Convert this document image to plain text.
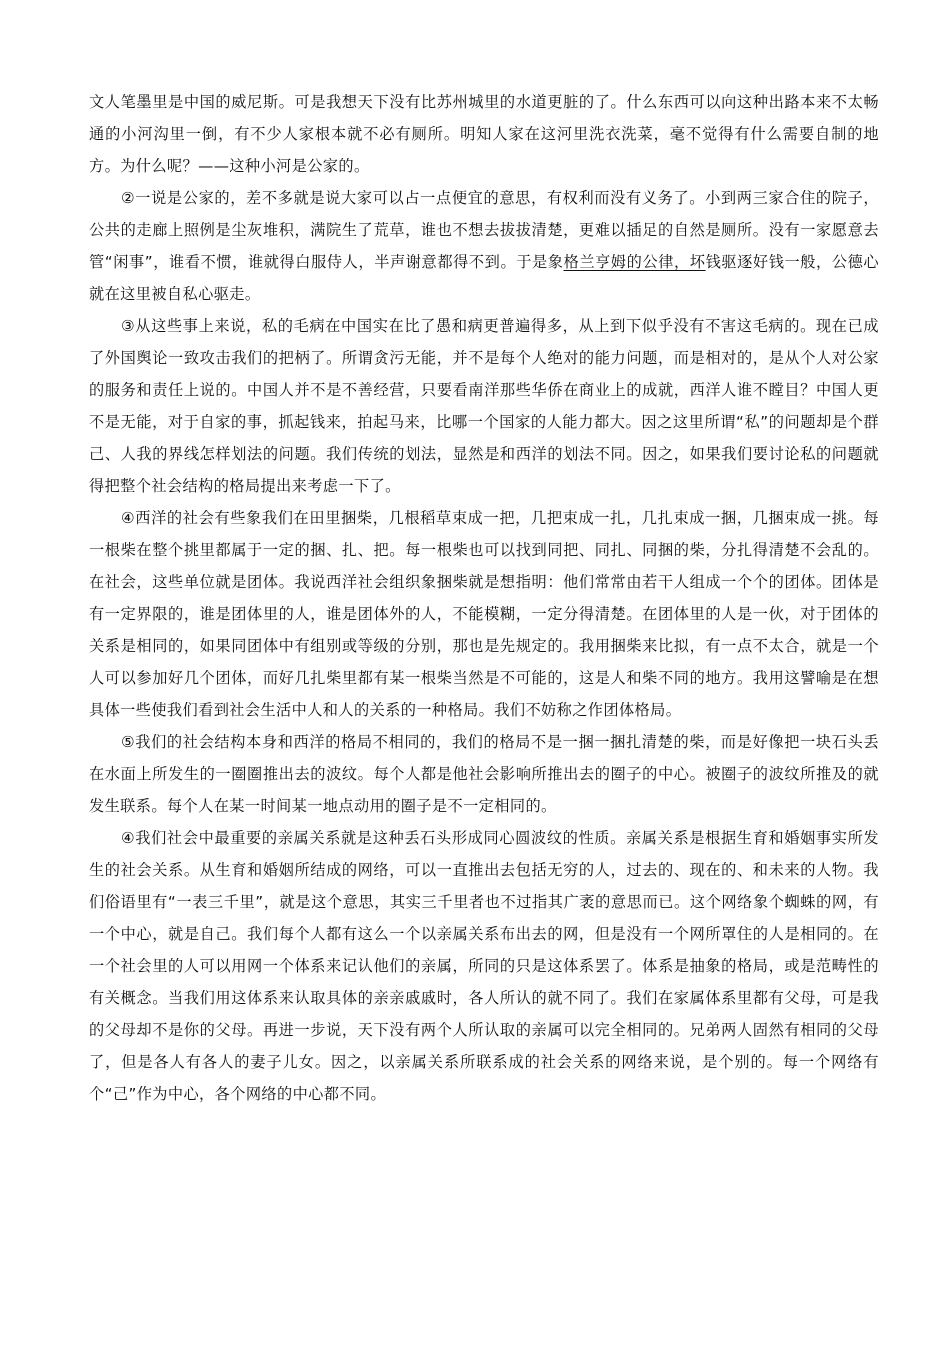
文人笔墨里是中国的威尼斯。可是我想天下没有比苏州城里的水道更脏的了。什么东西可以向这种出路本来不太畅通的小河沟里一倒，有不少人家根本就不必有厕所。明知人家在这河里洗衣洗菜，毫不觉得有什么需要自制的地方。为什么呢？——这种小河是公家的。

②一说是公家的，差不多就是说大家可以占一点便宜的意思，有权利而没有义务了。小到两三家合住的院子，公共的走廊上照例是尘灰堆积，满院生了荒草，谁也不想去拔拔清楚，更难以插足的自然是厕所。没有一家愿意去管“闲事”，谁看不惯，谁就得白服侍人，半声谢意都得不到。于是象格兰亨姆的公律，坏钱驱逐好钱一般，公德心就在这里被自私心驱走。

③从这些事上来说，私的毛病在中国实在比了愚和病更普遍得多，从上到下似乎没有不害这毛病的。现在已成了外国舆论一致攻击我们的把柄了。所谓贪污无能，并不是每个人绝对的能力问题，而是相对的，是从个人对公家的服务和责任上说的。中国人并不是不善经营，只要看南洋那些华侨在商业上的成就，西洋人谁不瞠目？中国人更不是无能，对于自家的事，抓起钱来，拍起马来，比哪一个国家的人能力都大。因之这里所谓“私”的问题却是个群己、人我的界线怎样划法的问题。我们传统的划法，显然是和西洋的划法不同。因之，如果我们要讨论私的问题就得把整个社会结构的格局提出来考虑一下了。

④西洋的社会有些象我们在田里捆柴，几根稻草束成一把，几把束成一扎，几扎束成一捆，几捆束成一挑。每一根柴在整个挑里都属于一定的捆、扎、把。每一根柴也可以找到同把、同扎、同捆的柴，分扎得清楚不会乱的。在社会，这些单位就是团体。我说西洋社会组织象捆柴就是想指明：他们常常由若干人组成一个个的团体。团体是有一定界限的，谁是团体里的人，谁是团体外的人，不能模糊，一定分得清楚。在团体里的人是一伙，对于团体的关系是相同的，如果同团体中有组别或等级的分别，那也是先规定的。我用捆柴来比拟，有一点不太合，就是一个人可以参加好几个团体，而好几扎柴里都有某一根柴当然是不可能的，这是人和柴不同的地方。我用这譬喻是在想具体一些使我们看到社会生活中人和人的关系的一种格局。我们不妨称之作团体格局。

⑤我们的社会结构本身和西洋的格局不相同的，我们的格局不是一捆一捆扎清楚的柴，而是好像把一块石头丢在水面上所发生的一圈圈推出去的波纹。每个人都是他社会影响所推出去的圈子的中心。被圈子的波纹所推及的就发生联系。每个人在某一时间某一地点动用的圈子是不一定相同的。

④我们社会中最重要的亲属关系就是这种丢石头形成同心圆波纹的性质。亲属关系是根据生育和婚姻事实所发生的社会关系。从生育和婚姻所结成的网络，可以一直推出去包括无穷的人，过去的、现在的、和未来的人物。我们俗语里有“一表三千里”，就是这个意思，其实三千里者也不过指其广袤的意思而已。这个网络象个蜘蛛的网，有一个中心，就是自己。我们每个人都有这么一个以亲属关系布出去的网，但是没有一个网所罩住的人是相同的。在一个社会里的人可以用网一个体系来记认他们的亲属，所同的只是这体系罢了。体系是抽象的格局，或是范畴性的有关概念。当我们用这体系来认取具体的亲亲戚戚时，各人所认的就不同了。我们在家属体系里都有父母，可是我的父母却不是你的父母。再进一步说，天下没有两个人所认取的亲属可以完全相同的。兄弟两人固然有相同的父母了，但是各人有各人的妻子儿女。因之，以亲属关系所联系成的社会关系的网络来说，是个别的。每一个网络有个“己”作为中心，各个网络的中心都不同。
